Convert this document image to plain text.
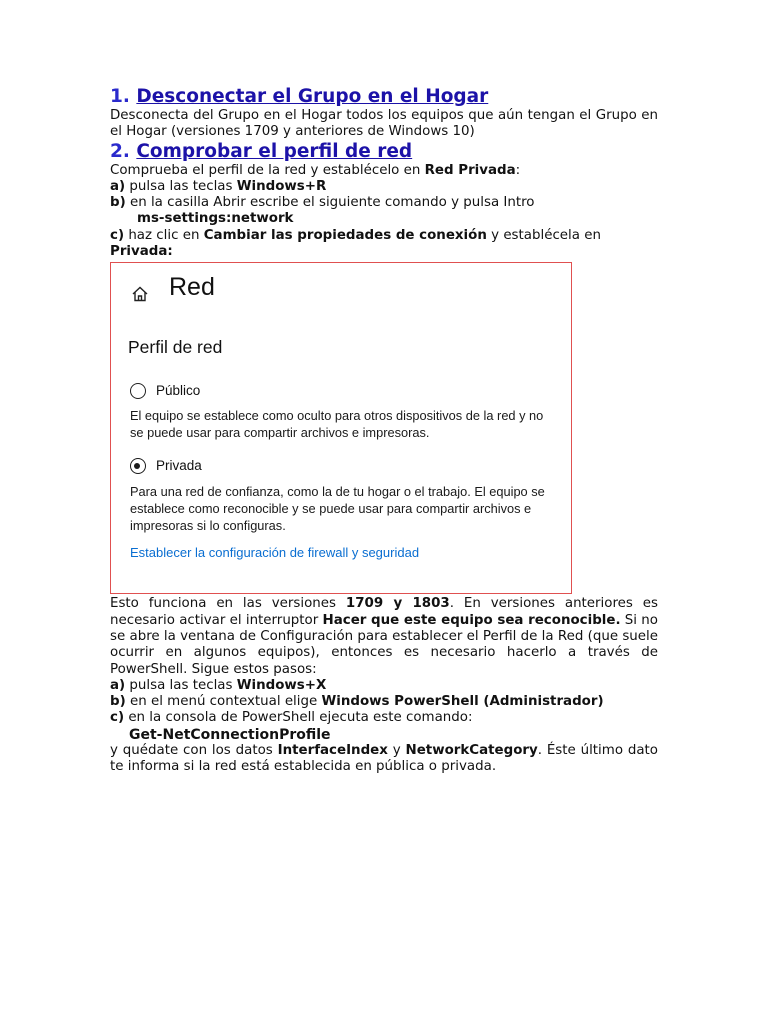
1. Desconectar el Grupo en el Hogar

Desconecta del Grupo en el Hogar todos los equipos que aún tengan el Grupo en el Hogar (versiones 1709 y anteriores de Windows 10)

2. Comprobar el perfil de red

Comprueba el perfil de la red y establécelo en Red Privada:

a) pulsa las teclas Windows+R

b) en la casilla Abrir escribe el siguiente comando y pulsa Intro

ms-settings:network

c) haz clic en Cambiar las propiedades de conexión y establécela en Privada:

Red
Perfil de red
Público
El equipo se establece como oculto para otros dispositivos de la red y no se puede usar para compartir archivos e impresoras.
Privada
Para una red de confianza, como la de tu hogar o el trabajo. El equipo se establece como reconocible y se puede usar para compartir archivos e impresoras si lo configuras.
Establecer la configuración de firewall y seguridad

Esto funciona en las versiones 1709 y 1803. En versiones anteriores es necesario activar el interruptor Hacer que este equipo sea reconocible. Si no se abre la ventana de Configuración para establecer el Perfil de la Red (que suele ocurrir en algunos equipos), entonces es necesario hacerlo a través de PowerShell. Sigue estos pasos:

a) pulsa las teclas Windows+X

b) en el menú contextual elige Windows PowerShell (Administrador)

c) en la consola de PowerShell ejecuta este comando:

Get-NetConnectionProfile

y quédate con los datos InterfaceIndex y NetworkCategory. Éste último dato te informa si la red está establecida en pública o privada.
